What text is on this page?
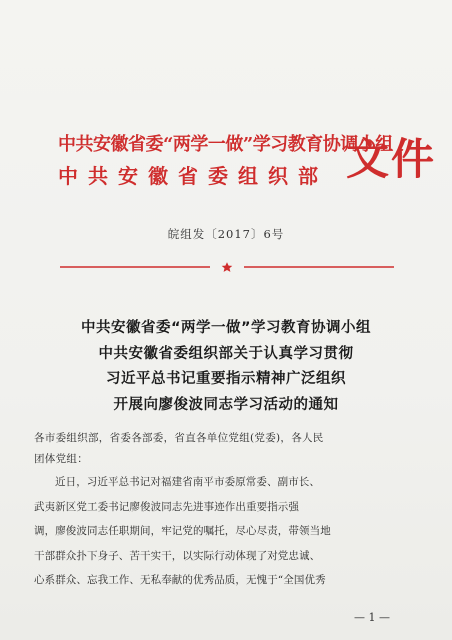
中共安徽省委“两学一做”学习教育协调小组
中共安徽省委组织部 文件
皖组发〔2017〕6号
中共安徽省委“两学一做”学习教育协调小组
中共安徽省委组织部关于认真学习贯彻
习近平总书记重要指示精神广泛组织
开展向廖俊波同志学习活动的通知
各市委组织部，省委各部委，省直各单位党组(党委)，各人民
团体党组：
近日，习近平总书记对福建省南平市委原常委、副市长、
武夷新区党工委书记廖俊波同志先进事迹作出重要指示强
调，廖俊波同志任职期间，牢记党的嘱托，尽心尽责，带领当地
干部群众扑下身子、苦干实干，以实际行动体现了对党忠诚、
心系群众、忘我工作、无私奉献的优秀品质，无愧于“全国优秀
— 1 —
